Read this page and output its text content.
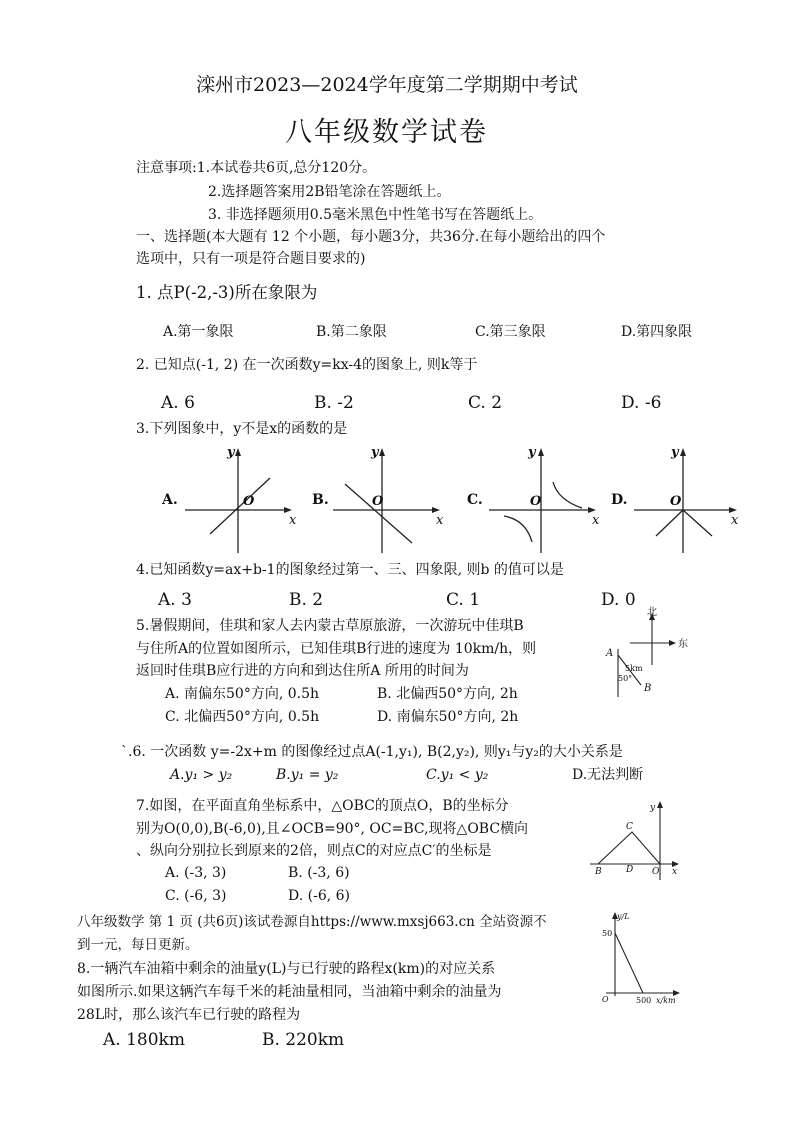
滦州市2023—2024学年度第二学期期中考试
八年级数学试卷
注意事项:1.本试卷共6页,总分120分。
2.选择题答案用2B铅笔涂在答题纸上。
3. 非选择题须用0.5毫米黑色中性笔书写在答题纸上。
一、选择题(本大题有 12 个小题，每小题3分，共36分.在每小题给出的四个
选项中，只有一项是符合题目要求的)
1. 点P(-2,-3)所在象限为
A.第一象限	B.第二象限	C.第三象限	D.第四象限
2. 已知点(-1, 2) 在一次函数y=kx-4的图象上, 则k等于
A. 6	B. -2	C. 2	D. -6
3.下列图象中，y不是x的函数的是
A.
y
x
O	B.
y
x
O	C.
y
x
O	D.
y
x
O
4.已知函数y=ax+b-1的图象经过第一、三、四象限, 则b 的值可以是
A. 3	B. 2	C. 1	D. 0
5.暑假期间，佳琪和家人去内蒙古草原旅游，一次游玩中佳琪B
与住所A的位置如图所示，已知佳琪B行进的速度为 10km/h，则
返回时佳琪B应行进的方向和到达住所A 所用的时间为
A. 南偏东50°方向, 0.5h	B. 北偏西50°方向, 2h
C. 北偏西50°方向, 0.5h	D. 南偏东50°方向, 2h
北
东
A
5km
50°
B
`.6. 一次函数 y=-2x+m 的图像经过点A(-1,y₁), B(2,y₂), 则y₁与y₂的大小关系是
A.y₁ > y₂	B.y₁ = y₂	C.y₁ < y₂	D.无法判断
7.如图，在平面直角坐标系中，△OBC的顶点O，B的坐标分
别为O(0,0),B(-6,0),且∠OCB=90°, OC=BC,现将△OBC横向
、纵向分别拉长到原来的2倍，则点C的对应点C′的坐标是
A. (-3, 3)	B. (-3, 6)
C. (-6, 3)	D. (-6, 6)
y
x
B	D O
C
八年级数学 第 1 页 (共6页)该试卷源自https://www.mxsj663.cn 全站资源不
到一元，每日更新。
8.一辆汽车油箱中剩余的油量y(L)与已行驶的路程x(km)的对应关系
如图所示.如果这辆汽车每千米的耗油量相同，当油箱中剩余的油量为
28L时，那么该汽车已行驶的路程为
A. 180km	B. 220km
y/L
50
O	500 x/km
